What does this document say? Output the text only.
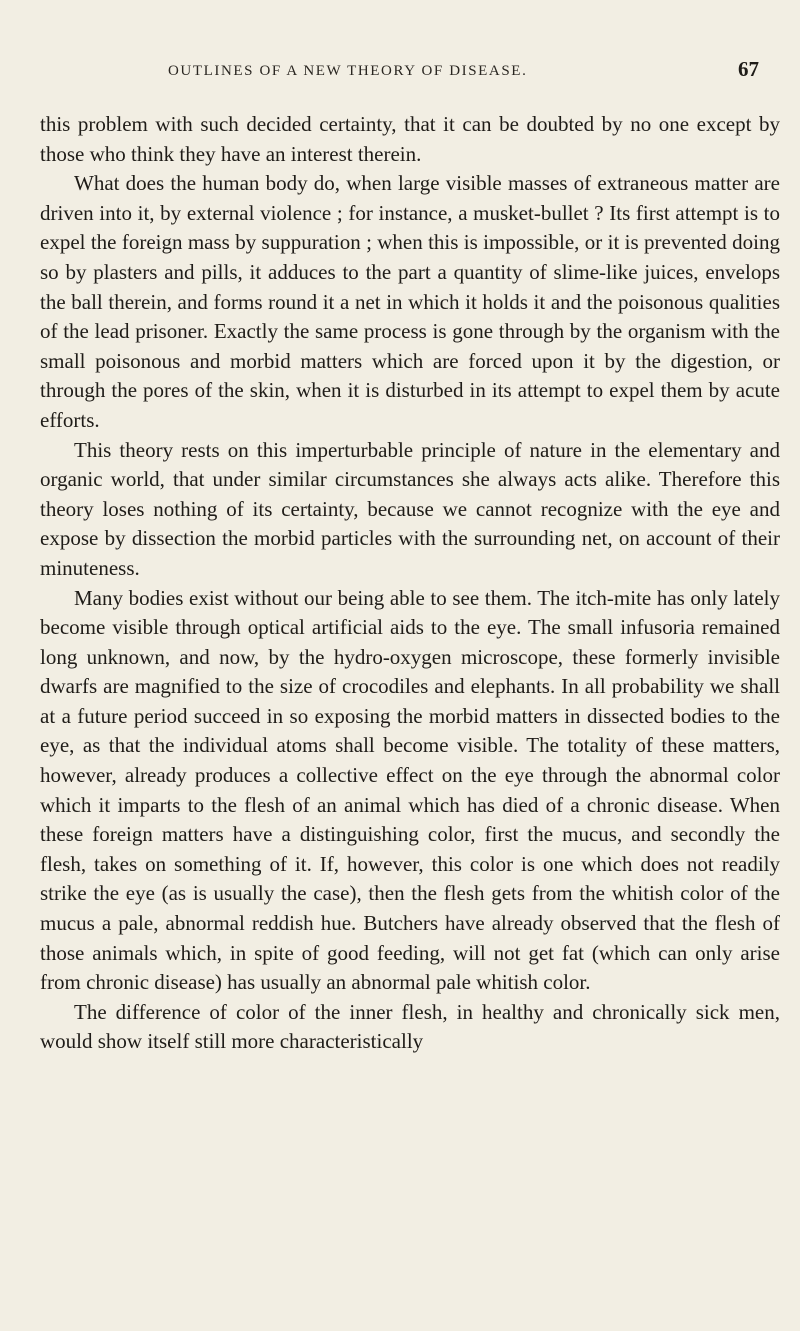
OUTLINES OF A NEW THEORY OF DISEASE.	67

this problem with such decided certainty, that it can be doubted by no one except by those who think they have an interest therein.

What does the human body do, when large visible masses of extraneous matter are driven into it, by external violence ; for instance, a musket-bullet ? Its first attempt is to expel the foreign mass by suppuration ; when this is impossible, or it is prevented doing so by plasters and pills, it adduces to the part a quantity of slime-like juices, envelops the ball therein, and forms round it a net in which it holds it and the poisonous qualities of the lead prisoner. Exactly the same process is gone through by the organism with the small poisonous and morbid matters which are forced upon it by the digestion, or through the pores of the skin, when it is disturbed in its attempt to expel them by acute efforts.

This theory rests on this imperturbable principle of nature in the elementary and organic world, that under similar circumstances she always acts alike. Therefore this theory loses nothing of its certainty, because we cannot recognize with the eye and expose by dissection the morbid particles with the surrounding net, on account of their minuteness.

Many bodies exist without our being able to see them. The itch-mite has only lately become visible through optical artificial aids to the eye. The small infusoria remained long unknown, and now, by the hydro-oxygen microscope, these formerly invisible dwarfs are magnified to the size of crocodiles and elephants. In all probability we shall at a future period succeed in so exposing the morbid matters in dissected bodies to the eye, as that the individual atoms shall become visible. The totality of these matters, however, already produces a collective effect on the eye through the abnormal color which it imparts to the flesh of an animal which has died of a chronic disease. When these foreign matters have a distinguishing color, first the mucus, and secondly the flesh, takes on something of it. If, however, this color is one which does not readily strike the eye (as is usually the case), then the flesh gets from the whitish color of the mucus a pale, abnormal reddish hue. Butchers have already observed that the flesh of those animals which, in spite of good feeding, will not get fat (which can only arise from chronic disease) has usually an abnormal pale whitish color.

The difference of color of the inner flesh, in healthy and chronically sick men, would show itself still more characteristically
